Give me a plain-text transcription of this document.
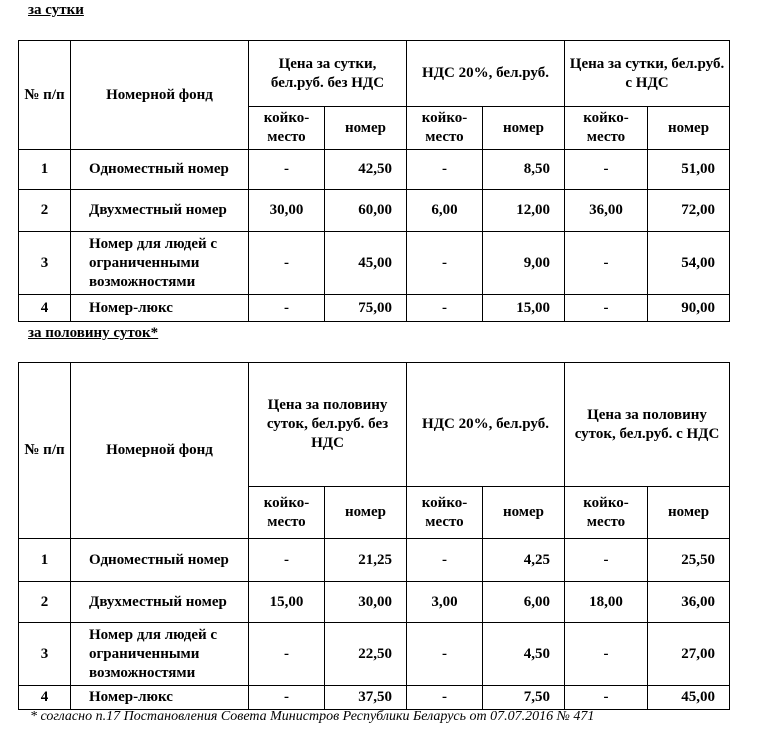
за сутки
№ п/п	Номерной фонд	Цена за сутки, бел.руб. без НДС		НДС 20%, бел.руб.		Цена за сутки, бел.руб. с НДС	
		койко-место	номер	койко-место	номер	койко-место	номер
1	Одноместный номер	-	42,50	-	8,50	-	51,00
2	Двухместный номер	30,00	60,00	6,00	12,00	36,00	72,00
3	Номер для людей с ограниченными возможностями	-	45,00	-	9,00	-	54,00
4	Номер-люкс	-	75,00	-	15,00	-	90,00
за половину суток*
№ п/п	Номерной фонд	Цена за половину суток, бел.руб. без НДС		НДС 20%, бел.руб.		Цена за половину суток, бел.руб. с НДС	
		койко-место	номер	койко-место	номер	койко-место	номер
1	Одноместный номер	-	21,25	-	4,25	-	25,50
2	Двухместный номер	15,00	30,00	3,00	6,00	18,00	36,00
3	Номер для людей с ограниченными возможностями	-	22,50	-	4,50	-	27,00
4	Номер-люкс	-	37,50	-	7,50	-	45,00
* согласно п.17 Постановления Совета Министров Республики Беларусь от 07.07.2016 № 471
